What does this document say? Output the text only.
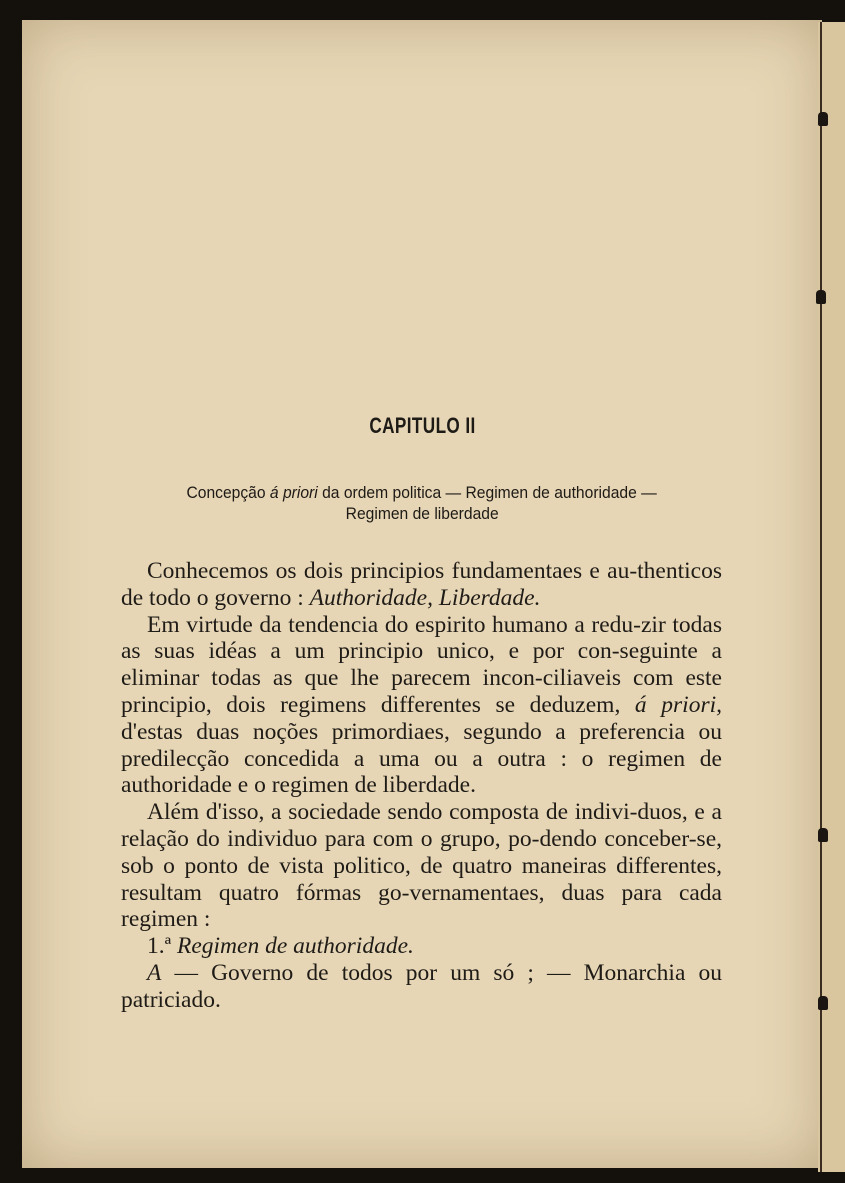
CAPITULO II
Concepção á priori da ordem politica — Regimen de authoridade —
Regimen de liberdade

Conhecemos os dois principios fundamentaes e au-thenticos de todo o governo : Authoridade, Liberdade.

Em virtude da tendencia do espirito humano a redu-zir todas as suas idéas a um principio unico, e por con-seguinte a eliminar todas as que lhe parecem incon-ciliaveis com este principio, dois regimens differentes se deduzem, á priori, d'estas duas noções primordiaes, segundo a preferencia ou predilecção concedida a uma ou a outra : o regimen de authoridade e o regimen de liberdade.

Além d'isso, a sociedade sendo composta de indivi-duos, e a relação do individuo para com o grupo, po-dendo conceber-se, sob o ponto de vista politico, de quatro maneiras differentes, resultam quatro fórmas go-vernamentaes, duas para cada regimen :

1.ª Regimen de authoridade.

A — Governo de todos por um só ; — Monarchia ou patriciado.
